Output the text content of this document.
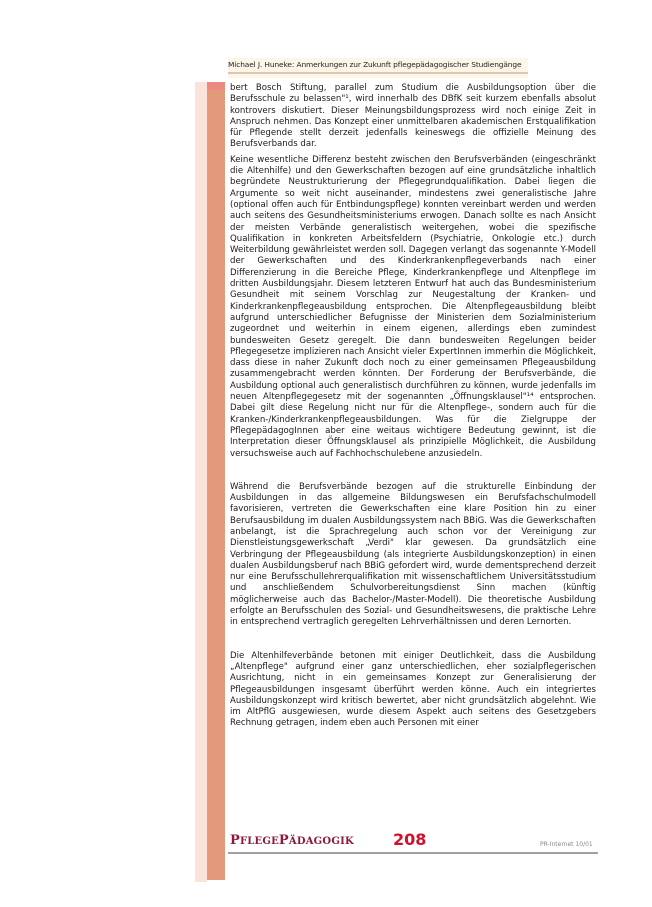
Michael J. Huneke: Anmerkungen zur Zukunft pflegepädagogischer Studiengänge

bert Bosch Stiftung, parallel zum Studium die Ausbildungsoption über die Berufsschule zu belassen"¹, wird innerhalb des DBfK seit kurzem ebenfalls absolut kontrovers diskutiert. Dieser Meinungsbildungsprozess wird noch einige Zeit in Anspruch nehmen. Das Konzept einer unmittelbaren akademischen Erstqualifikation für Pflegende stellt derzeit jedenfalls keineswegs die offizielle Meinung des Berufsverbands dar.

Keine wesentliche Differenz besteht zwischen den Berufsverbänden (eingeschränkt die Altenhilfe) und den Gewerkschaften bezogen auf eine grundsätzliche inhaltlich begründete Neustrukturierung der Pflegegrundqualifikation. Dabei liegen die Argumente so weit nicht auseinander, mindestens zwei generalistische Jahre (optional offen auch für Entbindungspflege) konnten vereinbart werden und werden auch seitens des Gesundheitsministeriums erwogen. Danach sollte es nach Ansicht der meisten Verbände generalistisch weitergehen, wobei die spezifische Qualifikation in konkreten Arbeitsfeldern (Psychiatrie, Onkologie etc.) durch Weiterbildung gewährleistet werden soll. Dagegen verlangt das sogenannte Y-Modell der Gewerkschaften und des Kinderkrankenpflegeverbands nach einer Differenzierung in die Bereiche Pflege, Kinderkrankenpflege und Altenpflege im dritten Ausbildungsjahr. Diesem letzteren Entwurf hat auch das Bundesministerium Gesundheit mit seinem Vorschlag zur Neugestaltung der Kranken- und Kinderkrankenpflegeausbildung entsprochen. Die Altenpflegeausbildung bleibt aufgrund unterschiedlicher Befugnisse der Ministerien dem Sozialministerium zugeordnet und weiterhin in einem eigenen, allerdings eben zumindest bundesweiten Gesetz geregelt. Die dann bundesweiten Regelungen beider Pflegegesetze implizieren nach Ansicht vieler ExpertInnen immerhin die Möglichkeit, dass diese in naher Zukunft doch noch zu einer gemeinsamen Pflegeausbildung zusammengebracht werden könnten. Der Forderung der Berufsverbände, die Ausbildung optional auch generalistisch durchführen zu können, wurde jedenfalls im neuen Altenpflegegesetz mit der sogenannten „Öffnungsklausel"¹⁴ entsprochen. Dabei gilt diese Regelung nicht nur für die Altenpflege-, sondern auch für die Kranken-/Kinderkrankenpflegeausbildungen. Was für die Zielgruppe der PflegepädagogInnen aber eine weitaus wichtigere Bedeutung gewinnt, ist die Interpretation dieser Öffnungsklausel als prinzipielle Möglichkeit, die Ausbildung versuchsweise auch auf Fachhochschulebene anzusiedeln.

Während die Berufsverbände bezogen auf die strukturelle Einbindung der Ausbildungen in das allgemeine Bildungswesen ein Berufsfachschulmodell favorisieren, vertreten die Gewerkschaften eine klare Position hin zu einer Berufsausbildung im dualen Ausbildungssystem nach BBiG. Was die Gewerkschaften anbelangt, ist die Sprachregelung auch schon vor der Vereinigung zur Dienstleistungsgewerkschaft „Verdi" klar gewesen. Da grundsätzlich eine Verbringung der Pflegeausbildung (als integrierte Ausbildungskonzeption) in einen dualen Ausbildungsberuf nach BBiG gefordert wird, wurde dementsprechend derzeit nur eine Berufsschullehrerqualifikation mit wissenschaftlichem Universitätsstudium und anschließendem Schulvorbereitungsdienst Sinn machen (künftig möglicherweise auch das Bachelor-/Master-Modell). Die theoretische Ausbildung erfolgte an Berufsschulen des Sozial- und Gesundheitswesens, die praktische Lehre in entsprechend vertraglich geregelten Lehrverhältnissen und deren Lernorten.

Die Altenhilfeverbände betonen mit einiger Deutlichkeit, dass die Ausbildung „Altenpflege" aufgrund einer ganz unterschiedlichen, eher sozialpflegerischen Ausrichtung, nicht in ein gemeinsames Konzept zur Generalisierung der Pflegeausbildungen insgesamt überführt werden könne. Auch ein integriertes Ausbildungskonzept wird kritisch bewertet, aber nicht grundsätzlich abgelehnt. Wie im AltPflG ausgewiesen, wurde diesem Aspekt auch seitens des Gesetzgebers Rechnung getragen, indem eben auch Personen mit einer

PFLEGEPÄDAGOGIK 208	PR-Internet 10/01
